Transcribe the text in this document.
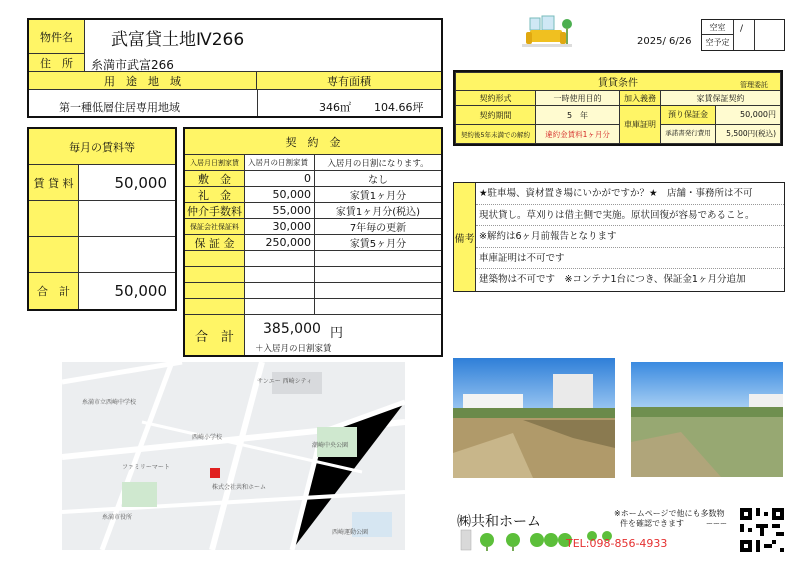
物件名	武富貸土地Ⅳ266
住　所	糸満市武富266
用　途　地　域	専有面積
第一種低層住居専用地域	346㎡ 104.66坪
2025/ 6/26
空室
空予定
/
賃貸条件 管理委託			

契約形式	一時使用目的	加入義務	家賃保証契約
契約期間	5　年	車庫証明	預り保証金 50,000円

契約後5年未満での解約	違約金賃料1ヶ月分		承諾書発行費用 5,500円(税込)
毎月の賃料等
賃 貸 料	50,000
合　計	50,000
契　約　金
入居月日割家賃	入居月の日割家賃	入居月の日割になります。
敷　金	0	なし
礼　金	50,000	家賃1ヶ月分
仲介手数料	55,000	家賃1ヶ月分(税込)
保証会社保証料	30,000	7年毎の更新
保 証 金	250,000	家賃5ヶ月分
合　計	385,000 円
＋入居月の日割家賃
備考
★駐車場、資材置き場にいかがですか？★　店舗・事務所は不可
現状貸し。草刈りは借主側で実施。原状回復が容易であること。
※解約は6ヶ月前報告となります
車庫証明は不可です
建築物は不可です　※コンテナ1台につき、保証金1ヶ月分追加
サンエー 西崎シティ
糸満市立西崎中学校
西崎小学校
株式会社共和ホーム
潮崎中央公園
ファミリーマート
糸満市役所
西崎運動公園
㈱共和ホーム
TEL:098-856-4933
※ホームページで他にも多数物
件を確認できます	ーーー
